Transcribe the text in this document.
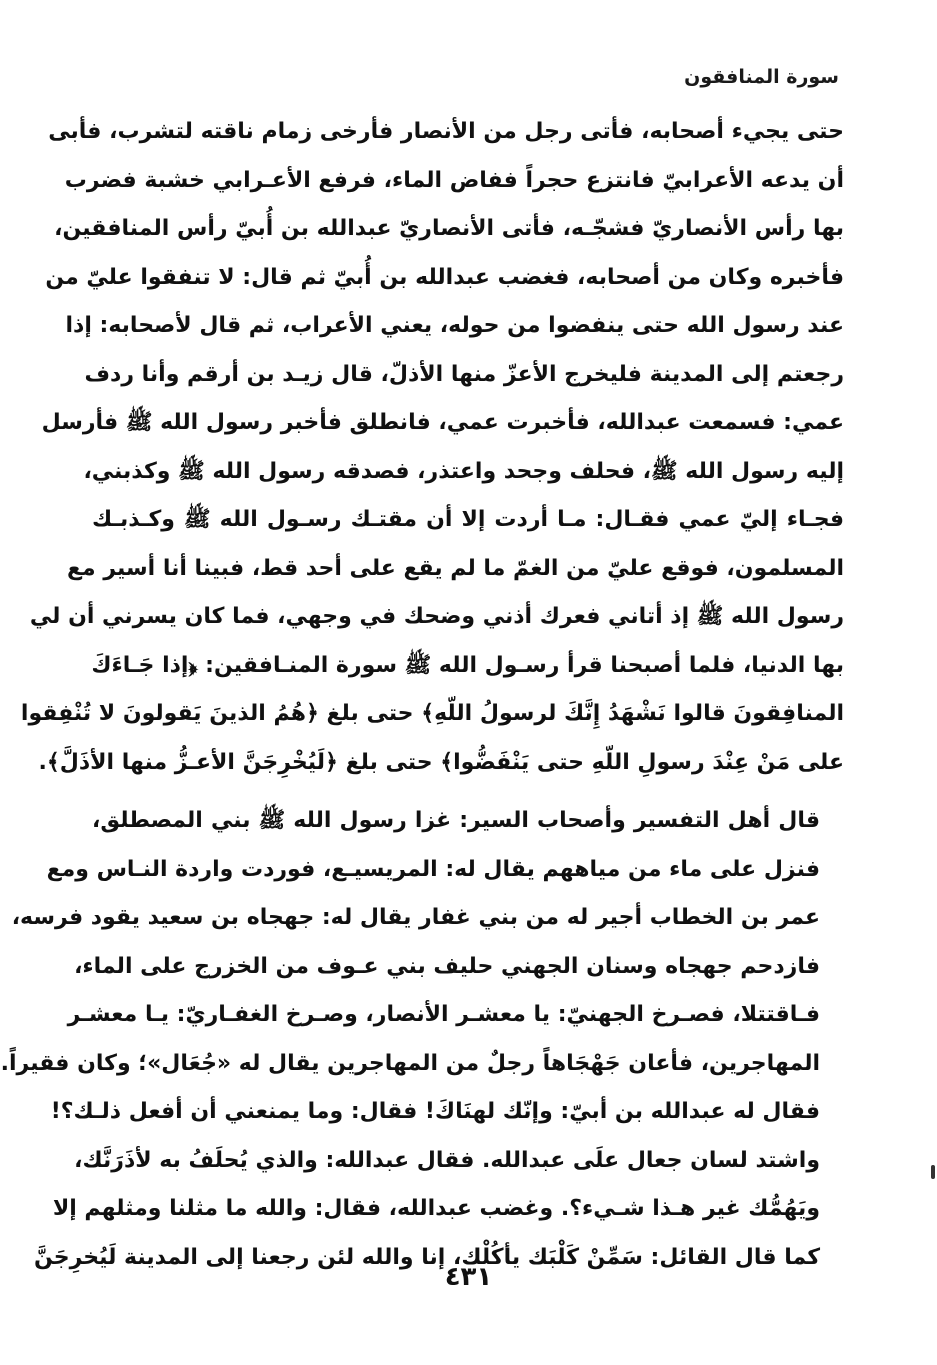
سورة المنافقون
حتى يجيء أصحابه، فأتى رجل من الأنصار فأرخى زمام ناقته لتشرب، فأبى
أن يدعه الأعرابيّ فانتزع حجراً ففاض الماء، فرفع الأعـرابي خشبة فضرب
بها رأس الأنصاريّ فشجّـه، فأتى الأنصاريّ عبدالله بن أُبيّ رأس المنافقين،
فأخبره وكان من أصحابه، فغضب عبدالله بن أُبيّ ثم قال: لا تنفقوا عليّ من
عند رسول الله حتى ينفضوا من حوله، يعني الأعراب، ثم قال لأصحابه: إذا
رجعتم إلى المدينة فليخرج الأعزّ منها الأذلّ، قال زيـد بن أرقم وأنا ردف
عمي: فسمعت عبدالله، فأخبرت عمي، فانطلق فأخبر رسول الله ﷺ فأرسل
إليه رسول الله ﷺ، فحلف وجحد واعتذر، فصدقه رسول الله ﷺ وكذبني،
فجـاء إليّ عمي فقـال: مـا أردت إلا أن مقتـك رسـول الله ﷺ وكـذبـك
المسلمون، فوقع عليّ من الغمّ ما لم يقع على أحد قط، فبينا أنا أسير مع
رسول الله ﷺ إذ أتاني فعرك أذني وضحك في وجهي، فما كان يسرني أن لي
بها الدنيا، فلما أصبحنا قرأ رسـول الله ﷺ سورة المنـافقين: ﴿إذا جَـاءَكَ
المنافِقونَ قالوا نَشْهَدُ إِنَّكَ لرسولُ اللّهِ﴾ حتى بلغ ﴿هُمُ الذينَ يَقولونَ لا تُنْفِقوا
على مَنْ عِنْدَ رسولِ اللّهِ حتى يَنْفَضُّوا﴾ حتى بلغ ﴿لَيُخْرِجَنَّ الأعـزُّ منها الأذَلَّ﴾.
قال أهل التفسير وأصحاب السير: غزا رسول الله ﷺ بني المصطلق،
فنزل على ماء من مياههم يقال له: المريسيـع، فوردت واردة النـاس ومع
عمر بن الخطاب أجير له من بني غفار يقال له: جهجاه بن سعيد يقود فرسه،
فازدحم جهجاه وسنان الجهني حليف بني عـوف من الخزرج على الماء،
فـاقتتلا، فصـرخ الجهنيّ: يا معشـر الأنصار، وصـرخ الغفـاريّ: يـا معشـر
المهاجرين، فأعان جَهْجَاهاً رجلٌ من المهاجرين يقال له «جُعَال»؛ وكان فقيراً.
فقال له عبدالله بن أبيّ: وإنّك لهنَاكَ! فقال: وما يمنعني أن أفعل ذلـك؟!
واشتد لسان جعال علَى عبدالله. فقال عبدالله: والذي يُحلَفُ به لأذَرَنَّك،
ويَهُمُّك غير هـذا شـيء؟. وغضب عبدالله، فقال: والله ما مثلنا ومثلهم إلا
كما قال القائل: سَمِّنْ كَلْبَك يأكُلْك، إنا والله لئن رجعنا إلى المدينة لَيُخرِجَنَّ
٤٣١
